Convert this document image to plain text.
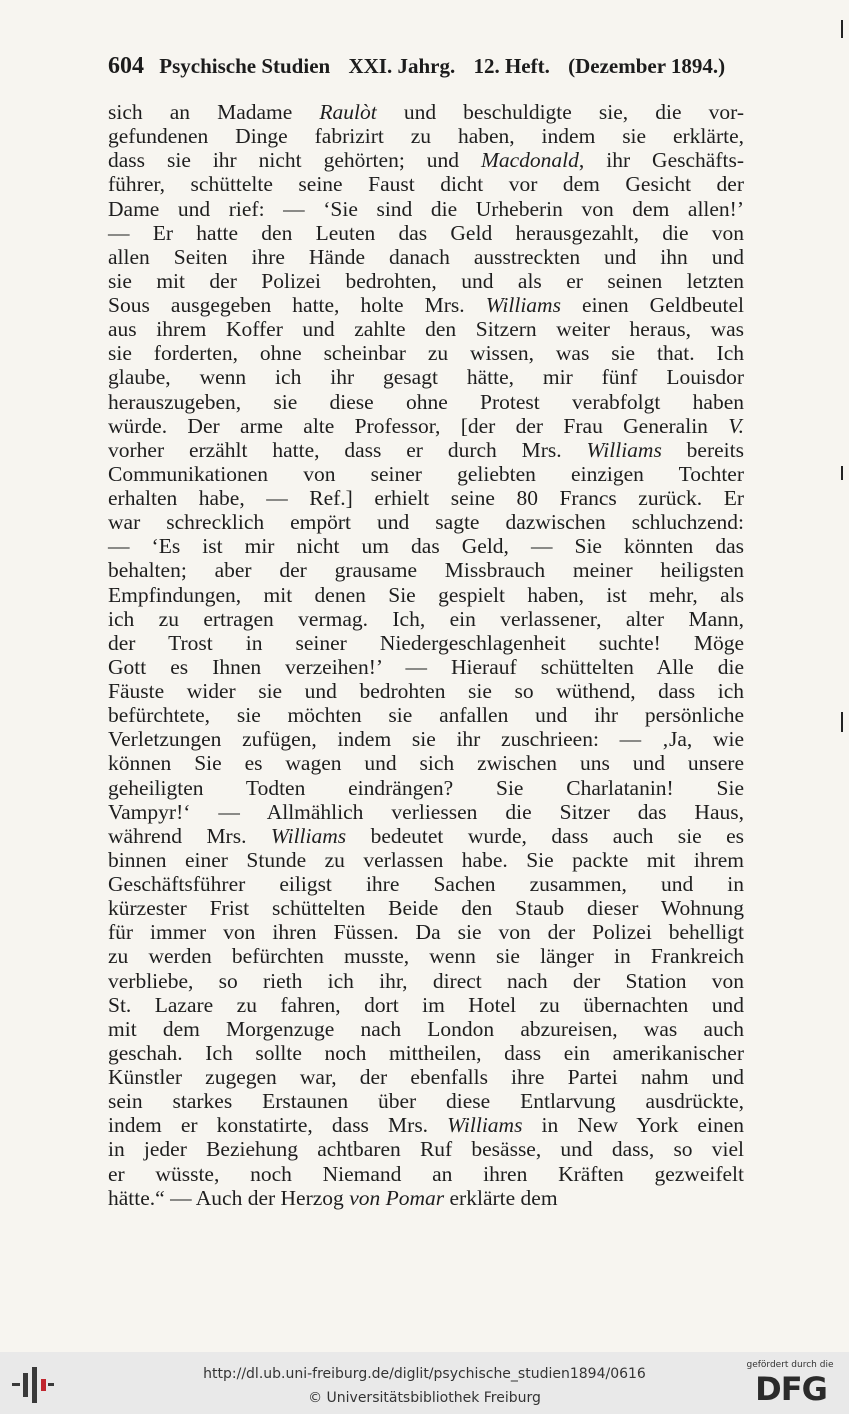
604 Psychische Studien XXI. Jahrg. 12. Heft. (Dezember 1894.)
sich an Madame Raulòt und beschuldigte sie, die vor-
gefundenen Dinge fabrizirt zu haben, indem sie erklärte,
dass sie ihr nicht gehörten; und Macdonald, ihr Geschäfts-
führer, schüttelte seine Faust dicht vor dem Gesicht der
Dame und rief: — ‘Sie sind die Urheberin von dem allen!’
— Er hatte den Leuten das Geld herausgezahlt, die von
allen Seiten ihre Hände danach ausstreckten und ihn und
sie mit der Polizei bedrohten, und als er seinen letzten
Sous ausgegeben hatte, holte Mrs. Williams einen Geldbeutel
aus ihrem Koffer und zahlte den Sitzern weiter heraus, was
sie forderten, ohne scheinbar zu wissen, was sie that. Ich
glaube, wenn ich ihr gesagt hätte, mir fünf Louisdor
herauszugeben, sie diese ohne Protest verabfolgt haben
würde. Der arme alte Professor, [der der Frau Generalin V.
vorher erzählt hatte, dass er durch Mrs. Williams bereits
Communikationen von seiner geliebten einzigen Tochter
erhalten habe, — Ref.] erhielt seine 80 Francs zurück. Er
war schrecklich empört und sagte dazwischen schluchzend:
— ‘Es ist mir nicht um das Geld, — Sie könnten das
behalten; aber der grausame Missbrauch meiner heiligsten
Empfindungen, mit denen Sie gespielt haben, ist mehr, als
ich zu ertragen vermag. Ich, ein verlassener, alter Mann,
der Trost in seiner Niedergeschlagenheit suchte! Möge
Gott es Ihnen verzeihen!’ — Hierauf schüttelten Alle die
Fäuste wider sie und bedrohten sie so wüthend, dass ich
befürchtete, sie möchten sie anfallen und ihr persönliche
Verletzungen zufügen, indem sie ihr zuschrieen: — ‚Ja, wie
können Sie es wagen und sich zwischen uns und unsere
geheiligten Todten eindrängen? Sie Charlatanin! Sie
Vampyr!‘ — Allmählich verliessen die Sitzer das Haus,
während Mrs. Williams bedeutet wurde, dass auch sie es
binnen einer Stunde zu verlassen habe. Sie packte mit ihrem
Geschäftsführer eiligst ihre Sachen zusammen, und in
kürzester Frist schüttelten Beide den Staub dieser Wohnung
für immer von ihren Füssen. Da sie von der Polizei behelligt
zu werden befürchten musste, wenn sie länger in Frankreich
verbliebe, so rieth ich ihr, direct nach der Station von
St. Lazare zu fahren, dort im Hotel zu übernachten und
mit dem Morgenzuge nach London abzureisen, was auch
geschah. Ich sollte noch mittheilen, dass ein amerikanischer
Künstler zugegen war, der ebenfalls ihre Partei nahm und
sein starkes Erstaunen über diese Entlarvung ausdrückte,
indem er konstatirte, dass Mrs. Williams in New York einen
in jeder Beziehung achtbaren Ruf besässe, und dass, so viel
er wüsste, noch Niemand an ihren Kräften gezweifelt
hätte.“ — Auch der Herzog von Pomar erklärte dem
http://dl.ub.uni-freiburg.de/diglit/psychische_studien1894/0616
© Universitätsbibliothek Freiburg
gefördert durch die
DFG
